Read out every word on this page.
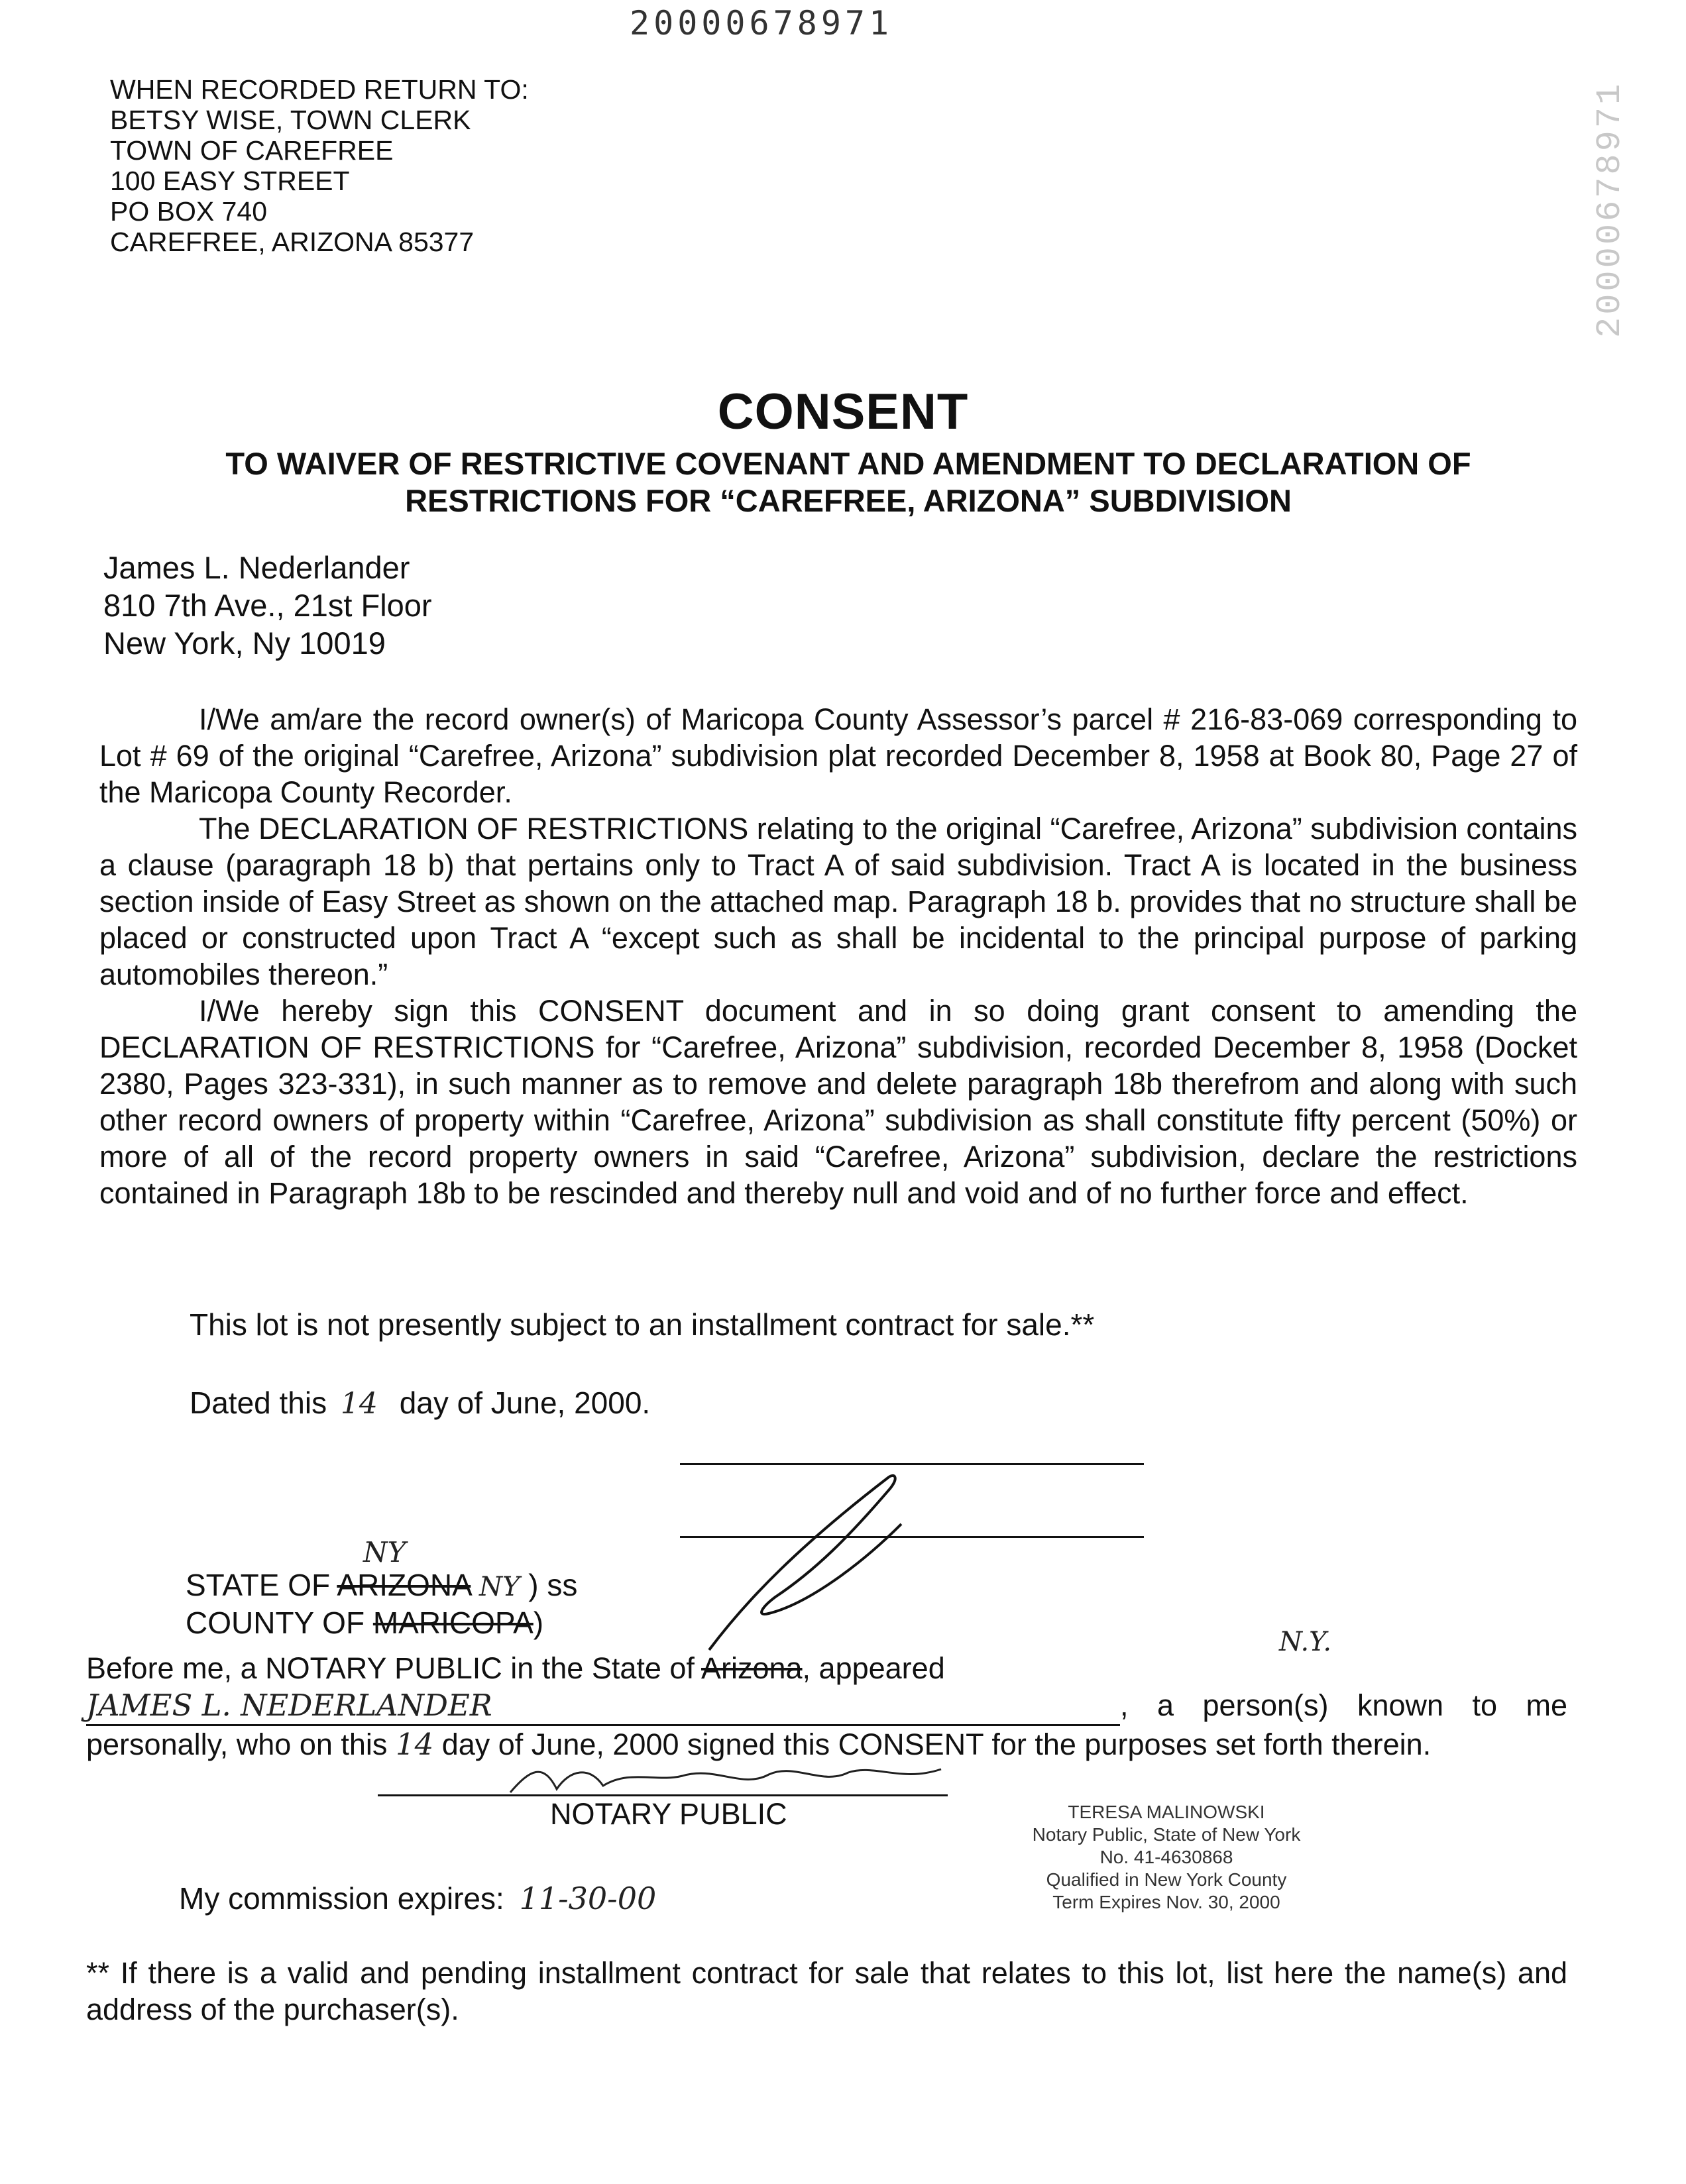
20000678971
20000678971
WHEN RECORDED RETURN TO:
BETSY WISE, TOWN CLERK
TOWN OF CAREFREE
100 EASY STREET
PO BOX 740
CAREFREE, ARIZONA 85377
CONSENT
TO WAIVER OF RESTRICTIVE COVENANT AND AMENDMENT TO DECLARATION OF RESTRICTIONS FOR “CAREFREE, ARIZONA” SUBDIVISION
James L. Nederlander
810 7th Ave., 21st Floor
New York, Ny 10019

I/We am/are the record owner(s) of Maricopa County Assessor’s parcel # 216-83-069 corresponding to Lot # 69 of the original “Carefree, Arizona” subdivision plat recorded December 8, 1958 at Book 80, Page 27 of the Maricopa County Recorder.

The DECLARATION OF RESTRICTIONS relating to the original “Carefree, Arizona” subdivision contains a clause (paragraph 18 b) that pertains only to Tract A of said subdivision. Tract A is located in the business section inside of Easy Street as shown on the attached map. Paragraph 18 b. provides that no structure shall be placed or constructed upon Tract A “except such as shall be incidental to the principal purpose of parking automobiles thereon.”

I/We hereby sign this CONSENT document and in so doing grant consent to amending the DECLARATION OF RESTRICTIONS for “Carefree, Arizona” subdivision, recorded December 8, 1958 (Docket 2380, Pages 323-331), in such manner as to remove and delete paragraph 18b therefrom and along with such other record owners of property within “Carefree, Arizona” subdivision as shall constitute fifty percent (50%) or more of all of the record property owners in said “Carefree, Arizona” subdivision, declare the restrictions contained in Paragraph 18b to be rescinded and thereby null and void and of no further force and effect.

This lot is not presently subject to an installment contract for sale.**
Dated this 14 day of June, 2000.
NY
STATE OF ARIZONA NY ) ss
COUNTY OF MARICOPA)
N.Y.
Before me, a NOTARY PUBLIC in the State of Arizona, appeared
JAMES L. NEDERLANDER	, a person(s) known to me personally, who on this 14 day of June, 2000 signed this CONSENT for the purposes set forth therein.
NOTARY PUBLIC	TERESA MALINOWSKI
Notary Public, State of New York
No. 41-4630868
Qualified in New York County
Term Expires Nov. 30, 2000
My commission expires: 11-30-00
** If there is a valid and pending installment contract for sale that relates to this lot, list here the name(s) and address of the purchaser(s).
